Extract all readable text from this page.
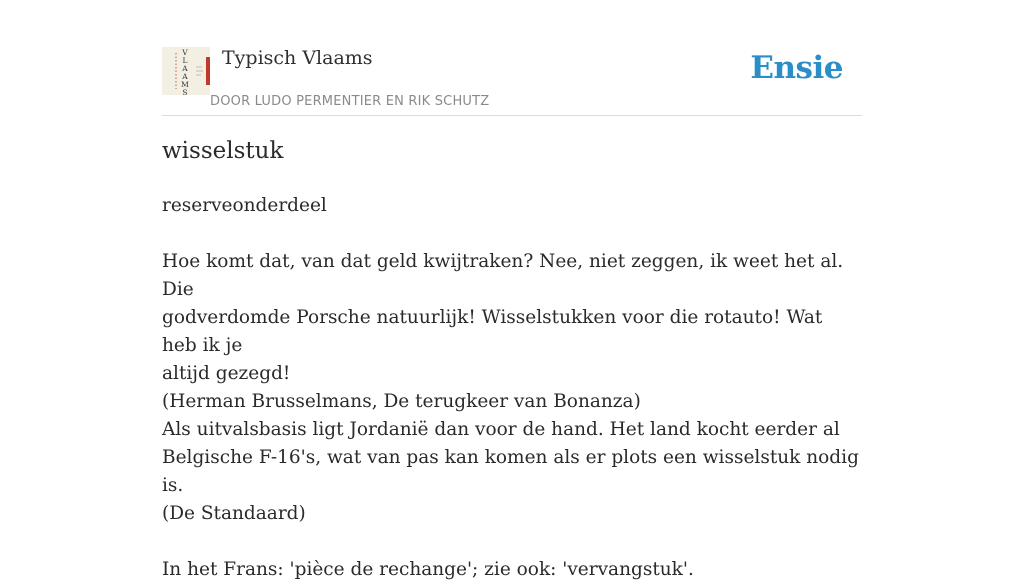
V
L
A
A
M
S
Typisch Vlaams
DOOR LUDO PERMENTIER EN RIK SCHUTZ
Ensie
wisselstuk

reserveonderdeel

Hoe komt dat, van dat geld kwijtraken? Nee, niet zeggen, ik weet het al. Die

godverdomde Porsche natuurlijk! Wisselstukken voor die rotauto! Wat heb ik je

altijd gezegd!

(Herman Brusselmans, De terugkeer van Bonanza)

Als uitvalsbasis ligt Jordanië dan voor de hand. Het land kocht eerder al

Belgische F-16's, wat van pas kan komen als er plots een wisselstuk nodig is.

(De Standaard)

In het Frans: 'pièce de rechange'; zie ook: 'vervangstuk'.
